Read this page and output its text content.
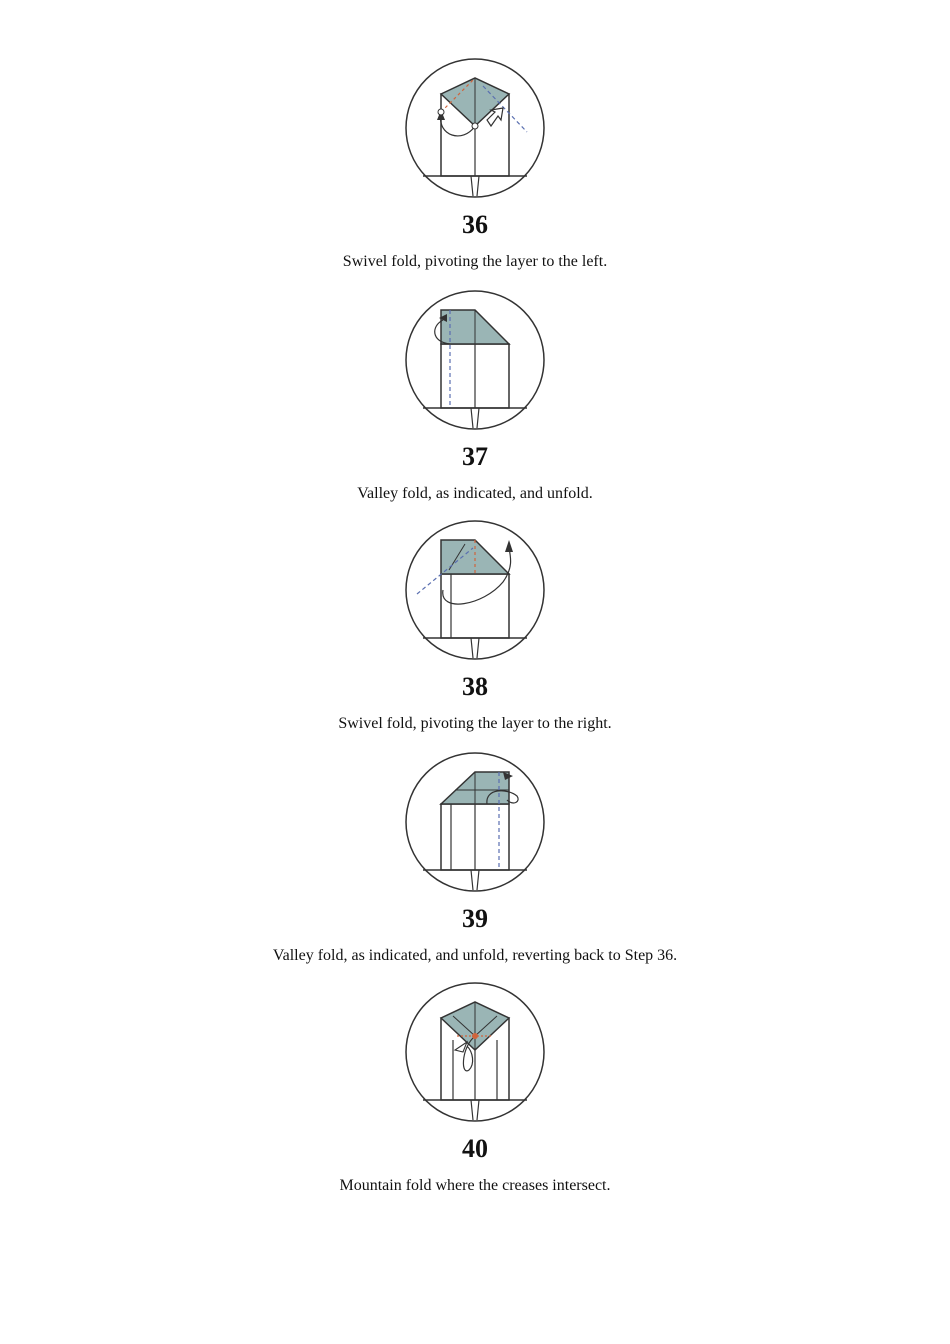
36
Swivel fold, pivoting the layer to the left.
37
Valley fold, as indicated, and unfold.
38
Swivel fold, pivoting the layer to the right.
39
Valley fold, as indicated, and unfold, reverting back to Step 36.
40
Mountain fold where the creases intersect.
